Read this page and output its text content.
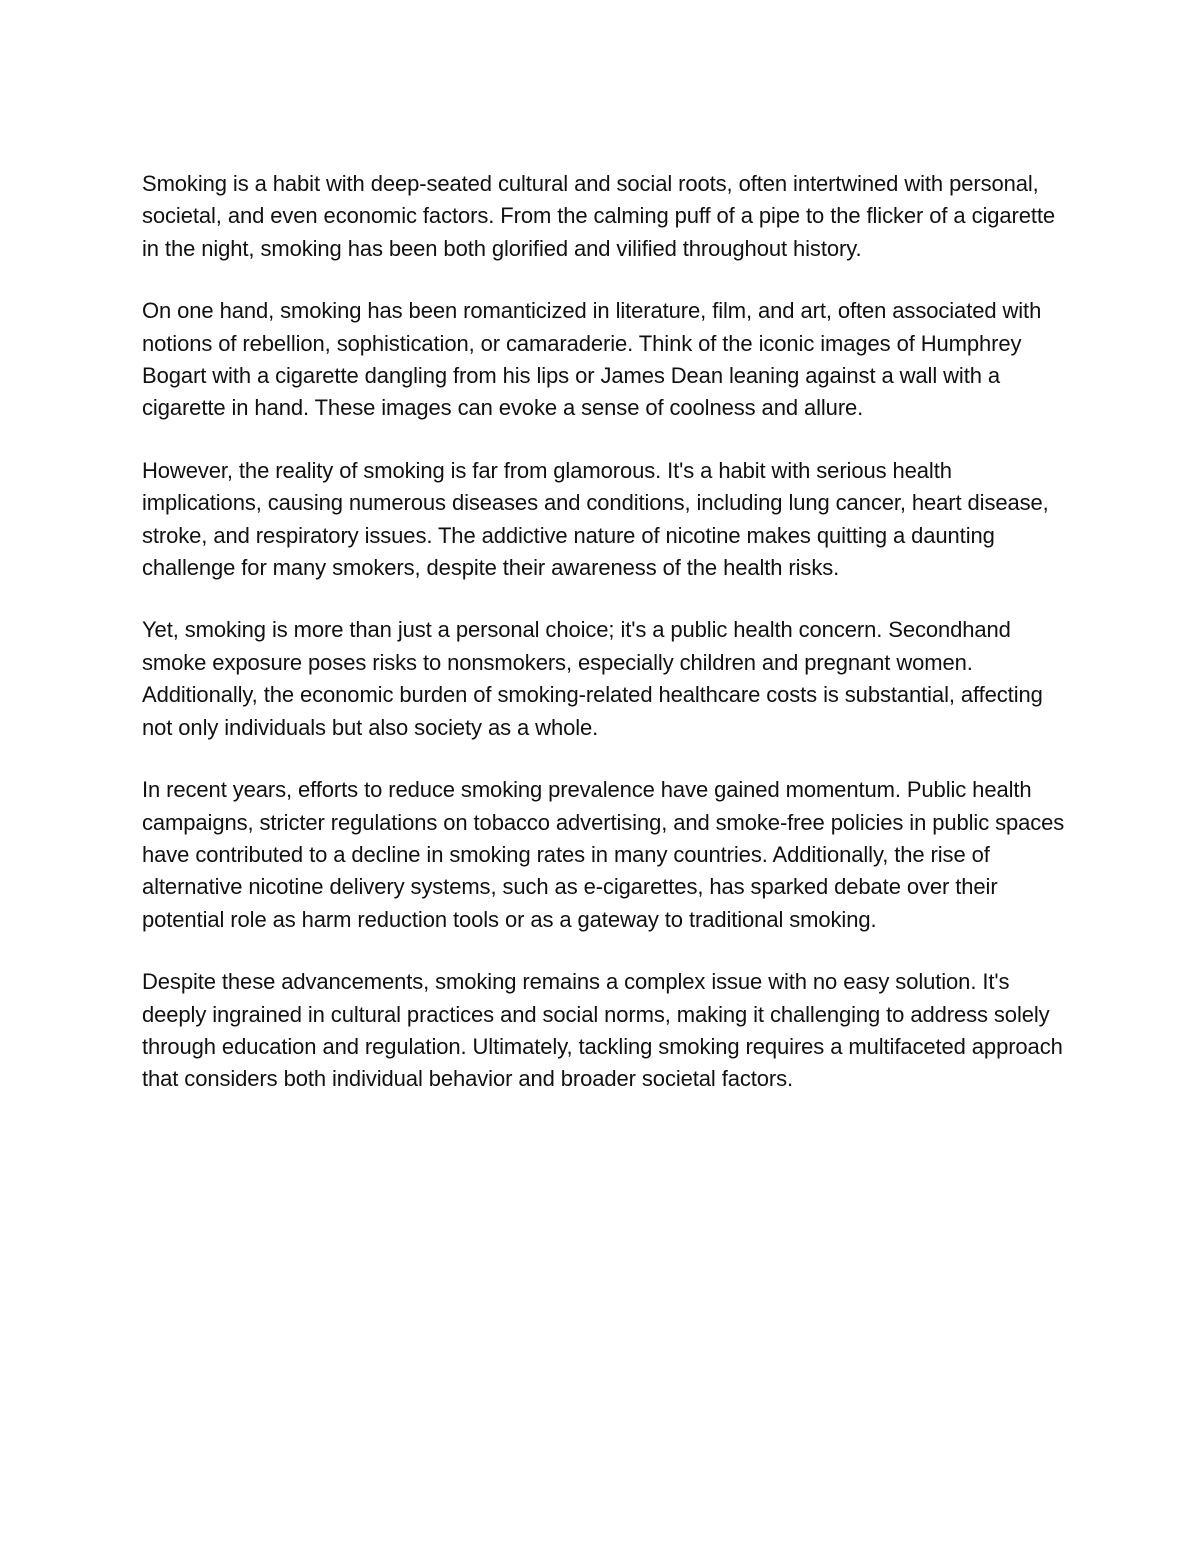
Smoking is a habit with deep-seated cultural and social roots, often intertwined with personal, societal, and even economic factors. From the calming puff of a pipe to the flicker of a cigarette in the night, smoking has been both glorified and vilified throughout history.

On one hand, smoking has been romanticized in literature, film, and art, often associated with notions of rebellion, sophistication, or camaraderie. Think of the iconic images of Humphrey Bogart with a cigarette dangling from his lips or James Dean leaning against a wall with a cigarette in hand. These images can evoke a sense of coolness and allure.

However, the reality of smoking is far from glamorous. It's a habit with serious health implications, causing numerous diseases and conditions, including lung cancer, heart disease, stroke, and respiratory issues. The addictive nature of nicotine makes quitting a daunting challenge for many smokers, despite their awareness of the health risks.

Yet, smoking is more than just a personal choice; it's a public health concern. Secondhand smoke exposure poses risks to nonsmokers, especially children and pregnant women. Additionally, the economic burden of smoking-related healthcare costs is substantial, affecting not only individuals but also society as a whole.

In recent years, efforts to reduce smoking prevalence have gained momentum. Public health campaigns, stricter regulations on tobacco advertising, and smoke-free policies in public spaces have contributed to a decline in smoking rates in many countries. Additionally, the rise of alternative nicotine delivery systems, such as e-cigarettes, has sparked debate over their potential role as harm reduction tools or as a gateway to traditional smoking.

Despite these advancements, smoking remains a complex issue with no easy solution. It's deeply ingrained in cultural practices and social norms, making it challenging to address solely through education and regulation. Ultimately, tackling smoking requires a multifaceted approach that considers both individual behavior and broader societal factors.
